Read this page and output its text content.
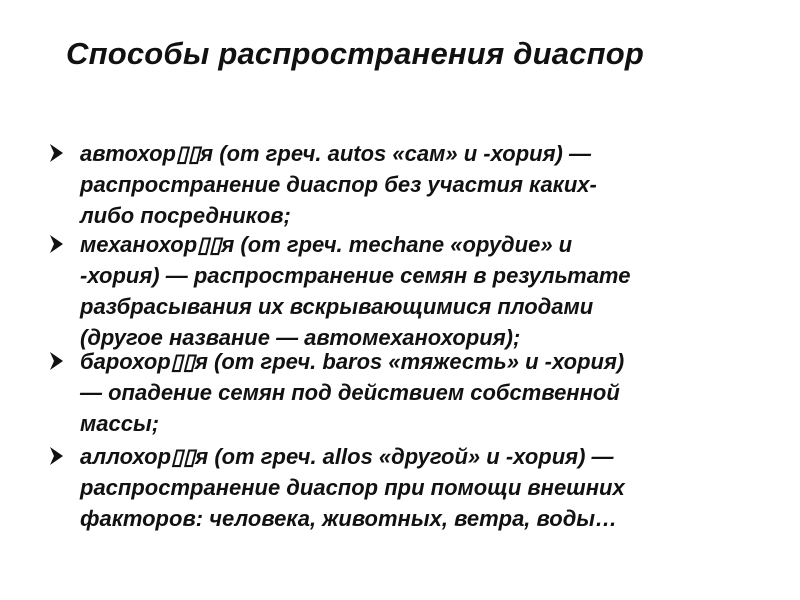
Способы распространения диаспор
автохор▯▯я (от греч. autos «сам» и -хория) —
распространение диаспор без участия каких-
либо посредников;
механохор▯▯я (от греч. mechane «орудие» и
-хория) — распространение семян в результате
разбрасывания их вскрывающимися плодами
(другое название — автомеханохория);
барохор▯▯я (от греч. baros «тяжесть» и -хория)
— опадение семян под действием собственной
массы;
аллохор▯▯я (от греч. allos «другой» и -хория) —
распространение диаспор при помощи внешних
факторов: человека, животных, ветра, воды…
